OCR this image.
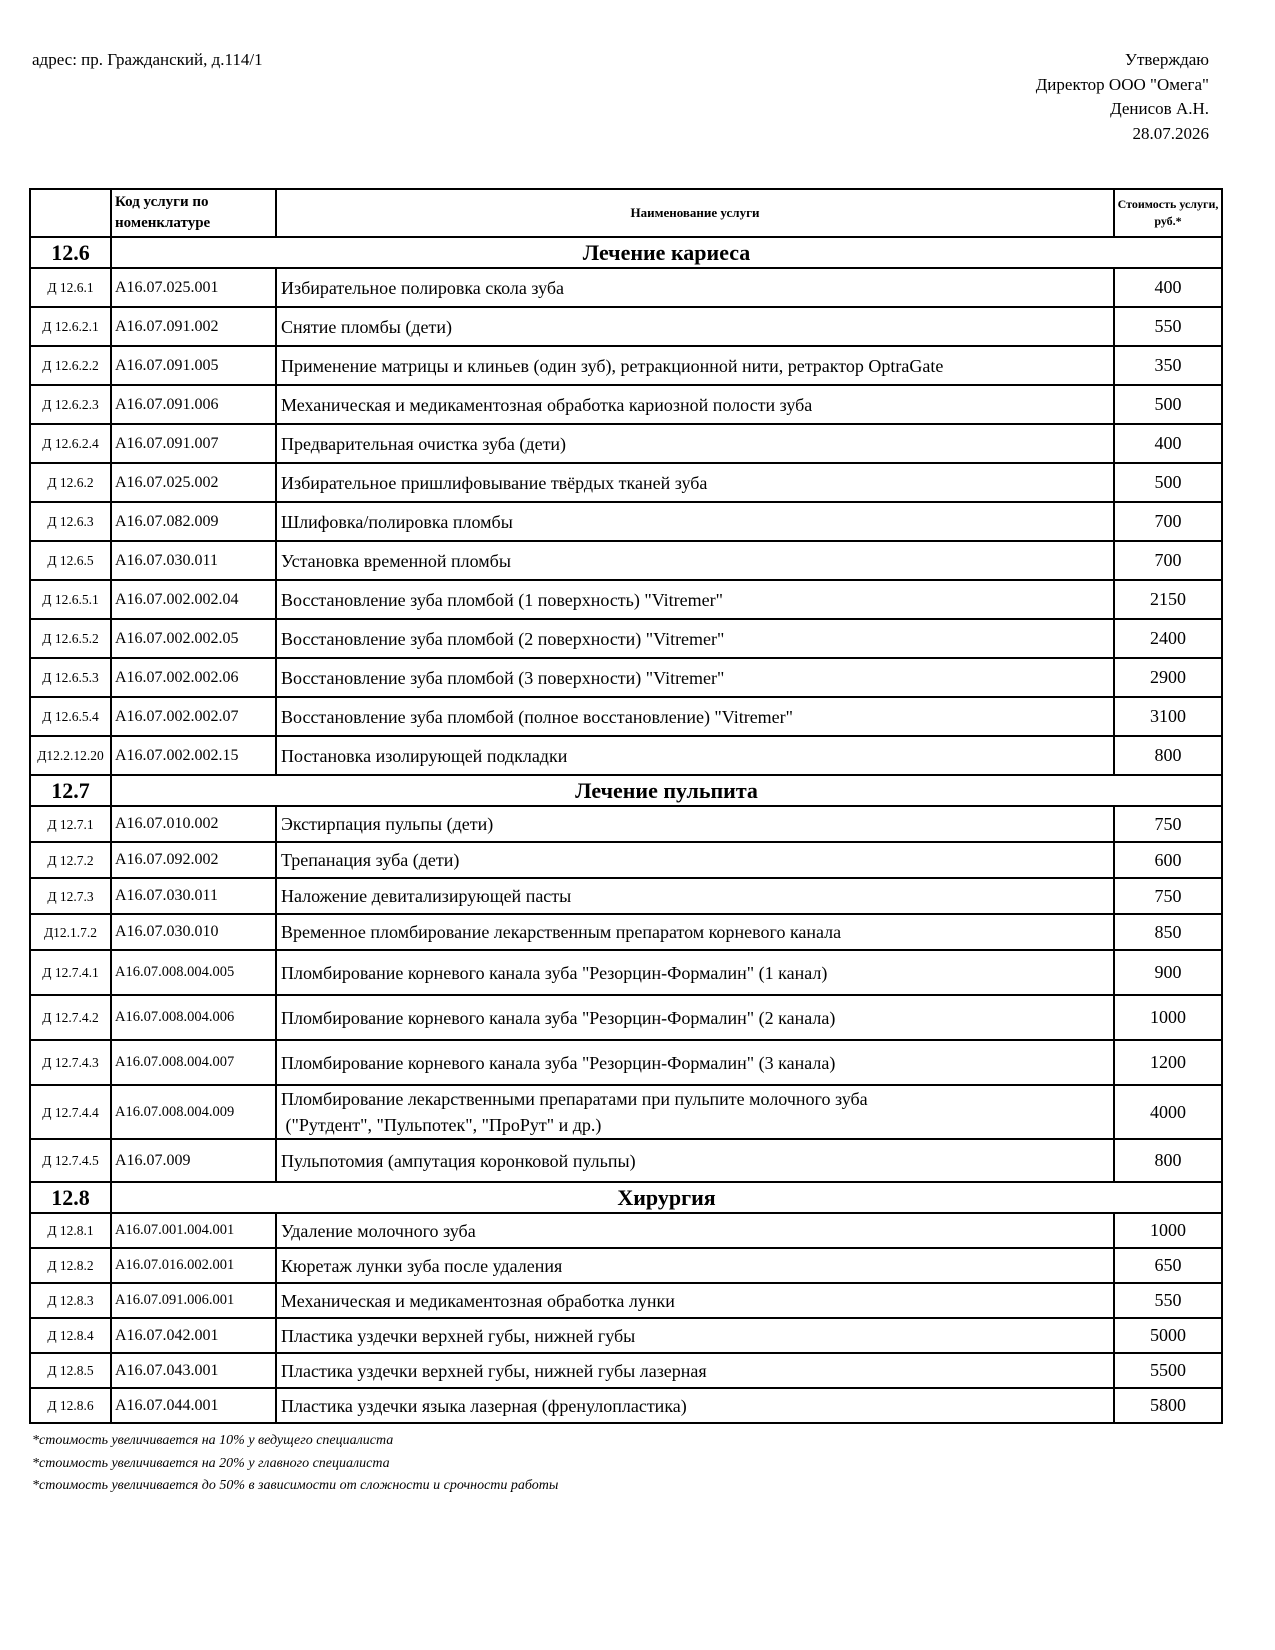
адрес: пр. Гражданский, д.114/1	Утверждаю
Директор ООО "Омега"
Денисов А.Н.
28.07.2026
	Код услуги по номенклатуре	Наименование услуги	Стоимость услуги, руб.*
12.6	Лечение кариеса		
Д 12.6.1	A16.07.025.001	Избирательное полировка скола зуба	400
Д 12.6.2.1	A16.07.091.002	Снятие пломбы (дети)	550
Д 12.6.2.2	A16.07.091.005	Применение матрицы и клиньев (один зуб), ретракционной нити, ретрактор OptraGate	350
Д 12.6.2.3	A16.07.091.006	Механическая и медикаментозная обработка кариозной полости зуба	500
Д 12.6.2.4	A16.07.091.007	Предварительная очистка зуба (дети)	400
Д 12.6.2	A16.07.025.002	Избирательное пришлифовывание твёрдых тканей зуба	500
Д 12.6.3	A16.07.082.009	Шлифовка/полировка пломбы	700
Д 12.6.5	A16.07.030.011	Установка временной пломбы	700
Д 12.6.5.1	A16.07.002.002.04	Восстановление зуба пломбой (1 поверхность) "Vitremer"	2150
Д 12.6.5.2	A16.07.002.002.05	Восстановление зуба пломбой (2 поверхности) "Vitremer"	2400
Д 12.6.5.3	A16.07.002.002.06	Восстановление зуба пломбой (3 поверхности) "Vitremer"	2900
Д 12.6.5.4	A16.07.002.002.07	Восстановление зуба пломбой (полное восстановление) "Vitremer"	3100
Д12.2.12.20	A16.07.002.002.15	Постановка изолирующей подкладки	800
12.7	Лечение пульпита		
Д 12.7.1	A16.07.010.002	Экстирпация пульпы (дети)	750
Д 12.7.2	A16.07.092.002	Трепанация зуба (дети)	600
Д 12.7.3	A16.07.030.011	Наложение девитализирующей пасты	750
Д12.1.7.2	A16.07.030.010	Временное пломбирование лекарственным препаратом корневого канала	850
Д 12.7.4.1	A16.07.008.004.005	Пломбирование корневого канала зуба "Резорцин-Формалин" (1 канал)	900
Д 12.7.4.2	A16.07.008.004.006	Пломбирование корневого канала зуба "Резорцин-Формалин" (2 канала)	1000
Д 12.7.4.3	A16.07.008.004.007	Пломбирование корневого канала зуба "Резорцин-Формалин" (3 канала)	1200
Д 12.7.4.4	A16.07.008.004.009	Пломбирование лекарственными препаратами при пульпите молочного зуба
("Рутдент", "Пульпотек", "ПроРут" и др.)	4000
Д 12.7.4.5	A16.07.009	Пульпотомия (ампутация коронковой пульпы)	800
12.8	Хирургия		
Д 12.8.1	A16.07.001.004.001	Удаление молочного зуба	1000
Д 12.8.2	A16.07.016.002.001	Кюретаж лунки зуба после удаления	650
Д 12.8.3	A16.07.091.006.001	Механическая и медикаментозная обработка лунки	550
Д 12.8.4	A16.07.042.001	Пластика уздечки верхней губы, нижней губы	5000
Д 12.8.5	A16.07.043.001	Пластика уздечки верхней губы, нижней губы лазерная	5500
Д 12.8.6	A16.07.044.001	Пластика уздечки языка лазерная (френулопластика)	5800
*стоимость увеличивается на 10% у ведущего специалиста
*стоимость увеличивается на 20% у главного специалиста
*стоимость увеличивается до 50% в зависимости от сложности и срочности работы
